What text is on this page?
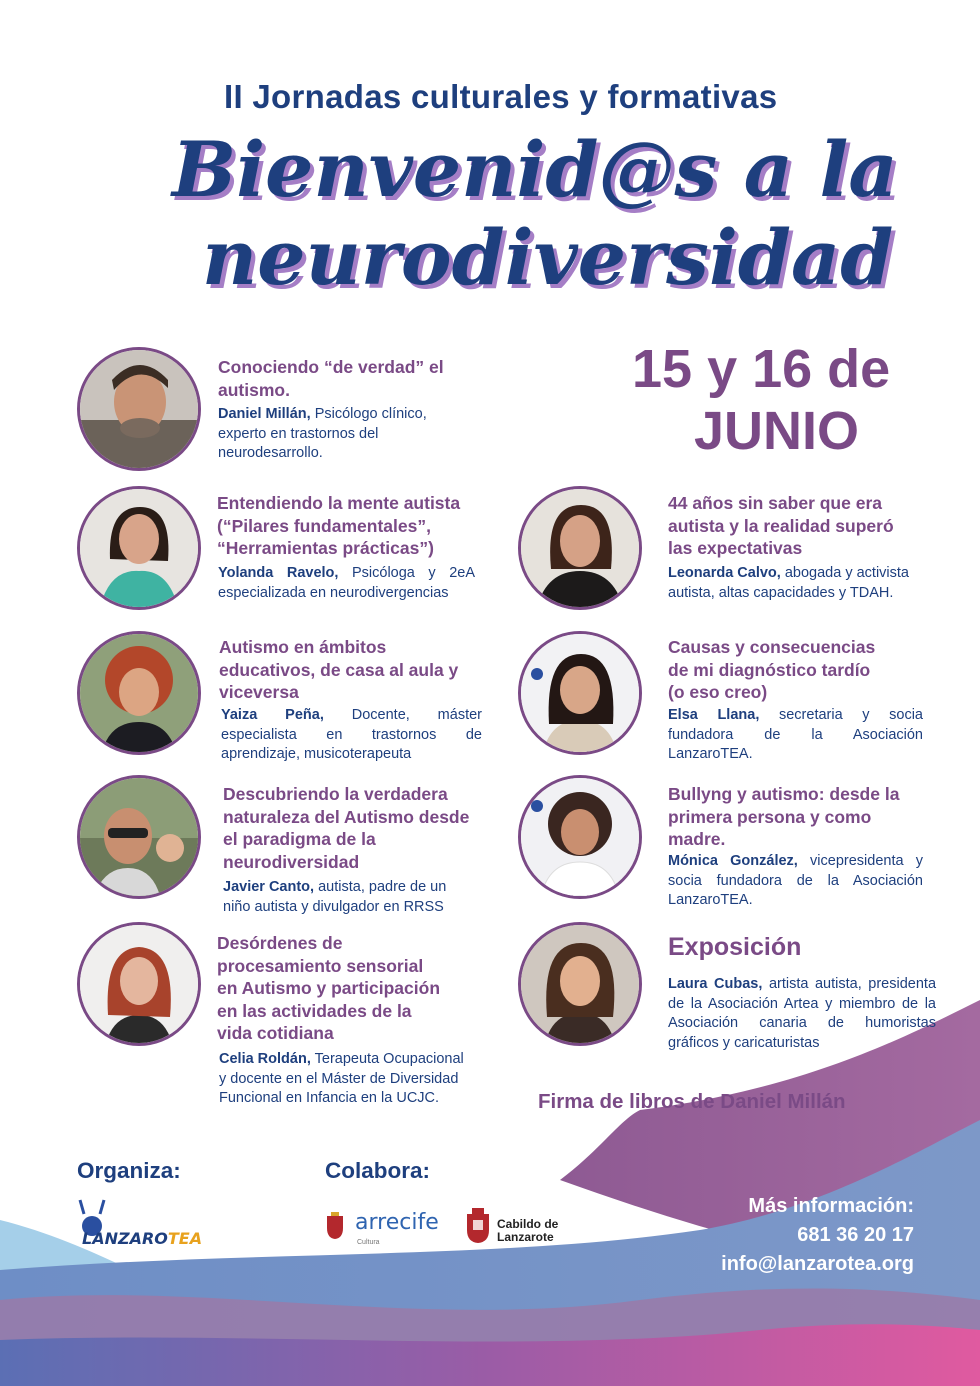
II Jornadas culturales y formativas
Bienvenid@s a la
neurodiversidad
15 y 16 de
JUNIO
Conociendo “de verdad” el
autismo.
Daniel Millán, Psicólogo clínico, experto en trastornos del neurodesarrollo.
Entendiendo la mente autista
(“Pilares fundamentales”,
“Herramientas prácticas”)
Yolanda Ravelo, Psicóloga y 2eA especializada en neurodivergencias
Autismo en ámbitos
educativos, de casa al aula y
viceversa
Yaiza Peña, Docente, máster especialista en trastornos de aprendizaje, musicoterapeuta
Descubriendo la verdadera
naturaleza del Autismo desde
el paradigma de la
neurodiversidad
Javier Canto, autista, padre de un niño autista y divulgador en RRSS
Desórdenes de
procesamiento sensorial
en Autismo y participación
en las actividades de la
vida cotidiana
Celia Roldán, Terapeuta Ocupacional y docente en el Máster de Diversidad Funcional en Infancia en la UCJC.
44 años sin saber que era
autista y la realidad superó
las expectativas
Leonarda Calvo, abogada y activista autista, altas capacidades y TDAH.
Causas y consecuencias
de mi diagnóstico tardío
(o eso creo)
Elsa Llana, secretaria y socia fundadora de la Asociación LanzaroTEA.
Bullyng y autismo: desde la
primera persona y como
madre.
Mónica González, vicepresidenta y socia fundadora de la Asociación LanzaroTEA.
Exposición
Laura Cubas, artista autista, presidenta de la Asociación Artea y miembro de la Asociación canaria de humoristas gráficos y caricaturistas
Firma de libros de Daniel Millán
Organiza:	Colabora:
LANZAROTEA
arrecife
Cultura
Cabildo de
Lanzarote
Más información:
681 36 20 17
info@lanzarotea.org
